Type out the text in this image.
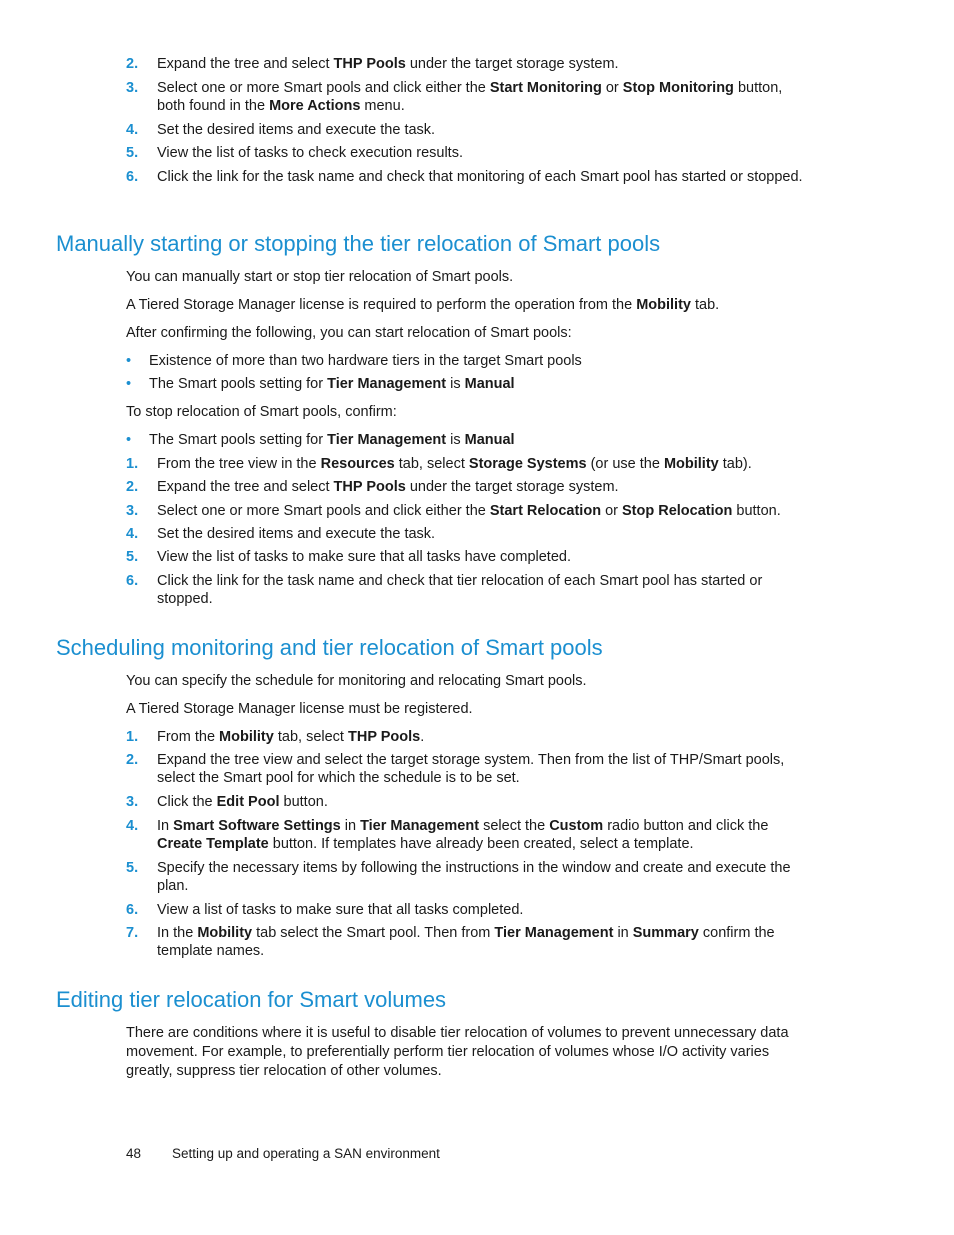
2. Expand the tree and select THP Pools under the target storage system.
3. Select one or more Smart pools and click either the Start Monitoring or Stop Monitoring button, both found in the More Actions menu.
4. Set the desired items and execute the task.
5. View the list of tasks to check execution results.
6. Click the link for the task name and check that monitoring of each Smart pool has started or stopped.
Manually starting or stopping the tier relocation of Smart pools

You can manually start or stop tier relocation of Smart pools.

A Tiered Storage Manager license is required to perform the operation from the Mobility tab.

After confirming the following, you can start relocation of Smart pools:

• Existence of more than two hardware tiers in the target Smart pools
• The Smart pools setting for Tier Management is Manual

To stop relocation of Smart pools, confirm:

• The Smart pools setting for Tier Management is Manual
1. From the tree view in the Resources tab, select Storage Systems (or use the Mobility tab).
2. Expand the tree and select THP Pools under the target storage system.
3. Select one or more Smart pools and click either the Start Relocation or Stop Relocation button.
4. Set the desired items and execute the task.
5. View the list of tasks to make sure that all tasks have completed.
6. Click the link for the task name and check that tier relocation of each Smart pool has started or stopped.
Scheduling monitoring and tier relocation of Smart pools

You can specify the schedule for monitoring and relocating Smart pools.

A Tiered Storage Manager license must be registered.

1. From the Mobility tab, select THP Pools.
2. Expand the tree view and select the target storage system. Then from the list of THP/Smart pools, select the Smart pool for which the schedule is to be set.
3. Click the Edit Pool button.
4. In Smart Software Settings in Tier Management select the Custom radio button and click the Create Template button. If templates have already been created, select a template.
5. Specify the necessary items by following the instructions in the window and create and execute the plan.
6. View a list of tasks to make sure that all tasks completed.
7. In the Mobility tab select the Smart pool. Then from Tier Management in Summary confirm the template names.
Editing tier relocation for Smart volumes

There are conditions where it is useful to disable tier relocation of volumes to prevent unnecessary data movement. For example, to preferentially perform tier relocation of volumes whose I/O activity varies greatly, suppress tier relocation of other volumes.

48 Setting up and operating a SAN environment
